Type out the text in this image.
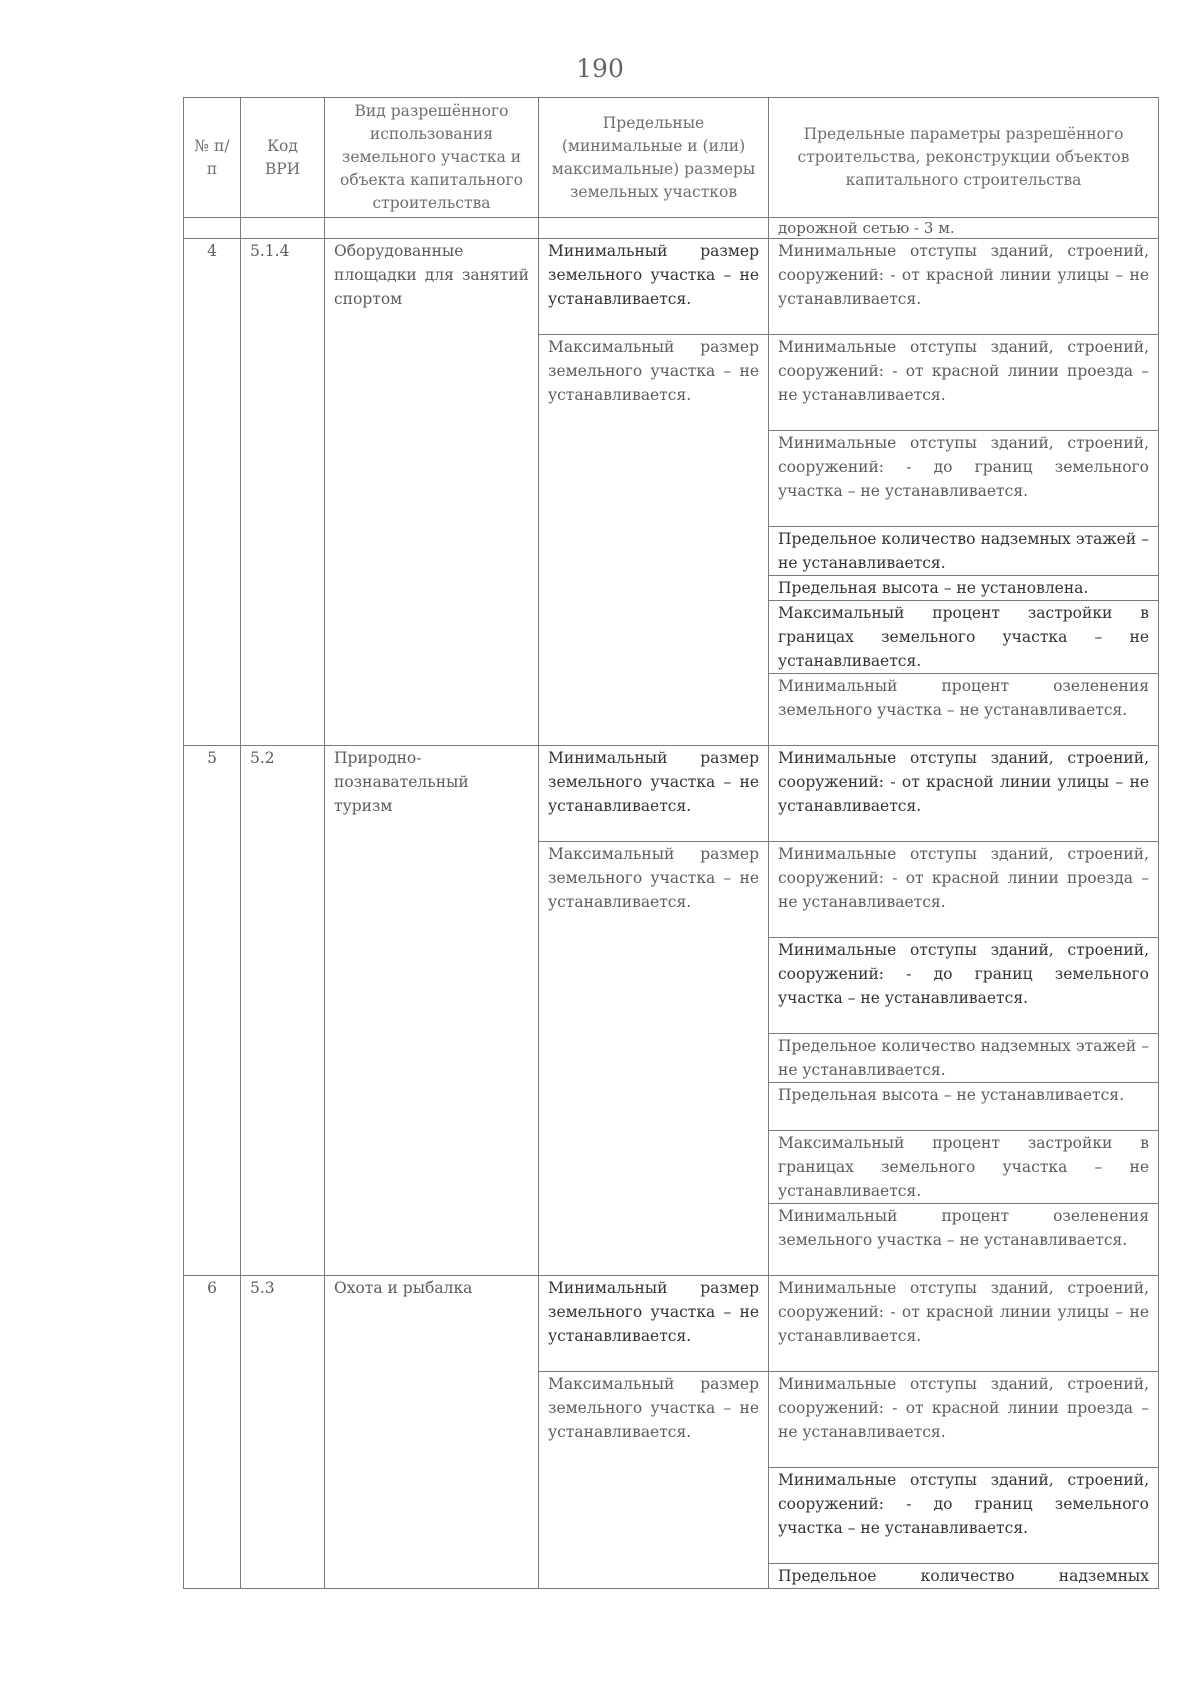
190
№ п/п	Код ВРИ	Вид разрешённого использования земельного участка и объекта капитального строительства	Предельные (минимальные и (или) максимальные) размеры земельных участков	Предельные параметры разрешённого строительства, реконструкции объектов капитального строительства
				дорожной сетью - 3 м.
4	5.1.4	Оборудованные площадки для занятий спортом	Минимальный размер земельного участка – не устанавливается.	Минимальные отступы зданий, строений, сооружений: - от красной линии улицы – не устанавливается.
			Максимальный размер земельного участка – не устанавливается.	Минимальные отступы зданий, строений, сооружений: - от красной линии проезда – не устанавливается.
				Минимальные отступы зданий, строений, сооружений: - до границ земельного участка – не устанавливается.
				Предельное количество надземных этажей – не устанавливается.
				Предельная высота – не установлена.
				Максимальный процент застройки в границах земельного участка – не устанавливается.
				Минимальный процент озеленения земельного участка – не устанавливается.
5	5.2	Природно-познавательный туризм	Минимальный размер земельного участка – не устанавливается.	Минимальные отступы зданий, строений, сооружений: - от красной линии улицы – не устанавливается.
			Максимальный размер земельного участка – не устанавливается.	Минимальные отступы зданий, строений, сооружений: - от красной линии проезда – не устанавливается.
				Минимальные отступы зданий, строений, сооружений: - до границ земельного участка – не устанавливается.
				Предельное количество надземных этажей – не устанавливается.
				Предельная высота – не устанавливается.
				Максимальный процент застройки в границах земельного участка – не устанавливается.
				Минимальный процент озеленения земельного участка – не устанавливается.
6	5.3	Охота и рыбалка	Минимальный размер земельного участка – не устанавливается.	Минимальные отступы зданий, строений, сооружений: - от красной линии улицы – не устанавливается.
			Максимальный размер земельного участка – не устанавливается.	Минимальные отступы зданий, строений, сооружений: - от красной линии проезда – не устанавливается.
				Минимальные отступы зданий, строений, сооружений: - до границ земельного участка – не устанавливается.
				Предельное количество надземных
